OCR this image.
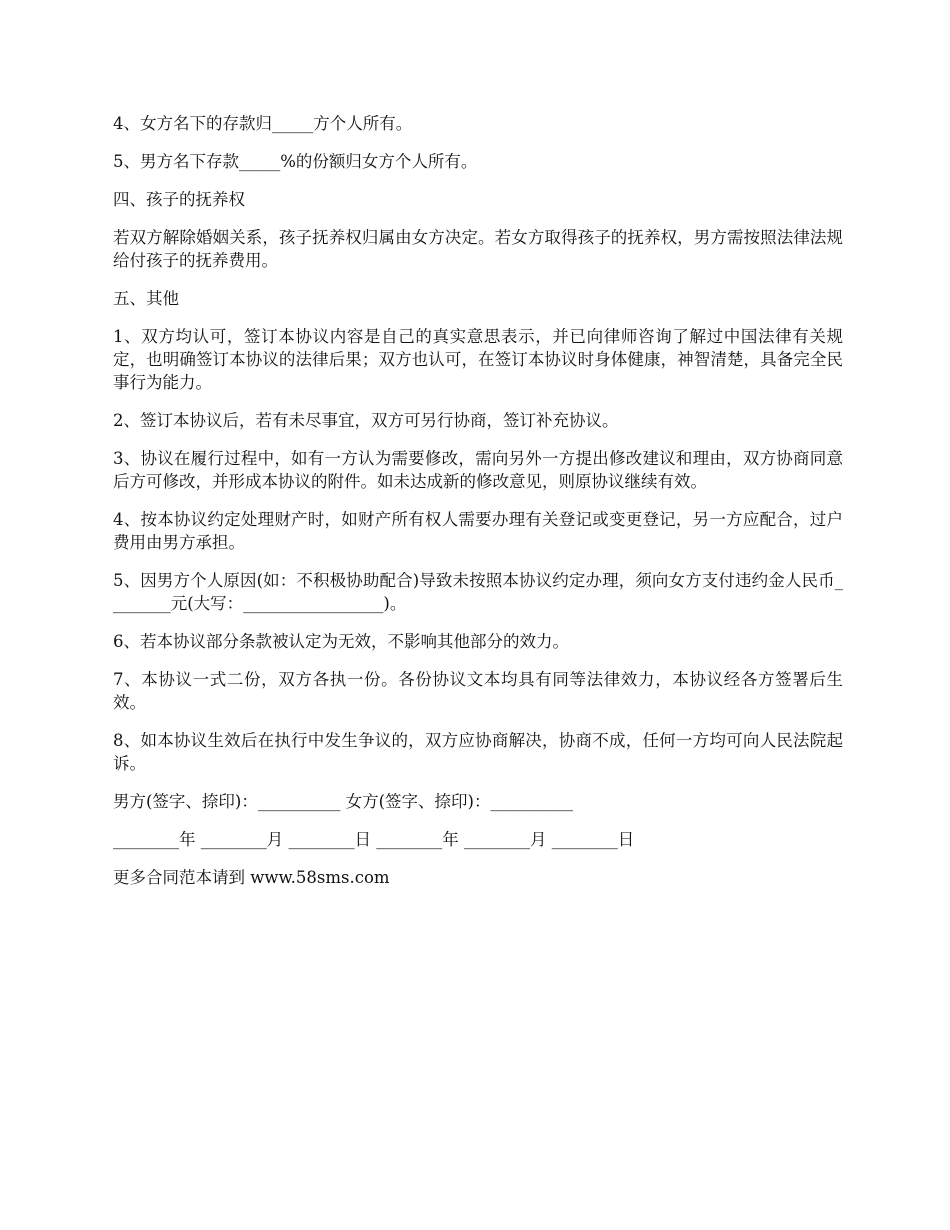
4、女方名下的存款归_____方个人所有。

5、男方名下存款_____%的份额归女方个人所有。

四、孩子的抚养权

若双方解除婚姻关系，孩子抚养权归属由女方决定。若女方取得孩子的抚养权，男方需按照法律法规给付孩子的抚养费用。

五、其他

1、双方均认可，签订本协议内容是自己的真实意思表示，并已向律师咨询了解过中国法律有关规定，也明确签订本协议的法律后果；双方也认可，在签订本协议时身体健康，神智清楚，具备完全民事行为能力。

2、签订本协议后，若有未尽事宜，双方可另行协商，签订补充协议。

3、协议在履行过程中，如有一方认为需要修改，需向另外一方提出修改建议和理由，双方协商同意后方可修改，并形成本协议的附件。如未达成新的修改意见，则原协议继续有效。

4、按本协议约定处理财产时，如财产所有权人需要办理有关登记或变更登记，另一方应配合，过户费用由男方承担。

5、因男方个人原因(如：不积极协助配合)导致未按照本协议约定办理，须向女方支付违约金人民币________元(大写：_________________)。

6、若本协议部分条款被认定为无效，不影响其他部分的效力。

7、本协议一式二份，双方各执一份。各份协议文本均具有同等法律效力，本协议经各方签署后生效。

8、如本协议生效后在执行中发生争议的，双方应协商解决，协商不成，任何一方均可向人民法院起诉。

男方(签字、捺印)：__________ 女方(签字、捺印)：__________

________年 ________月 ________日 ________年 ________月 ________日

更多合同范本请到 www.58sms.com
